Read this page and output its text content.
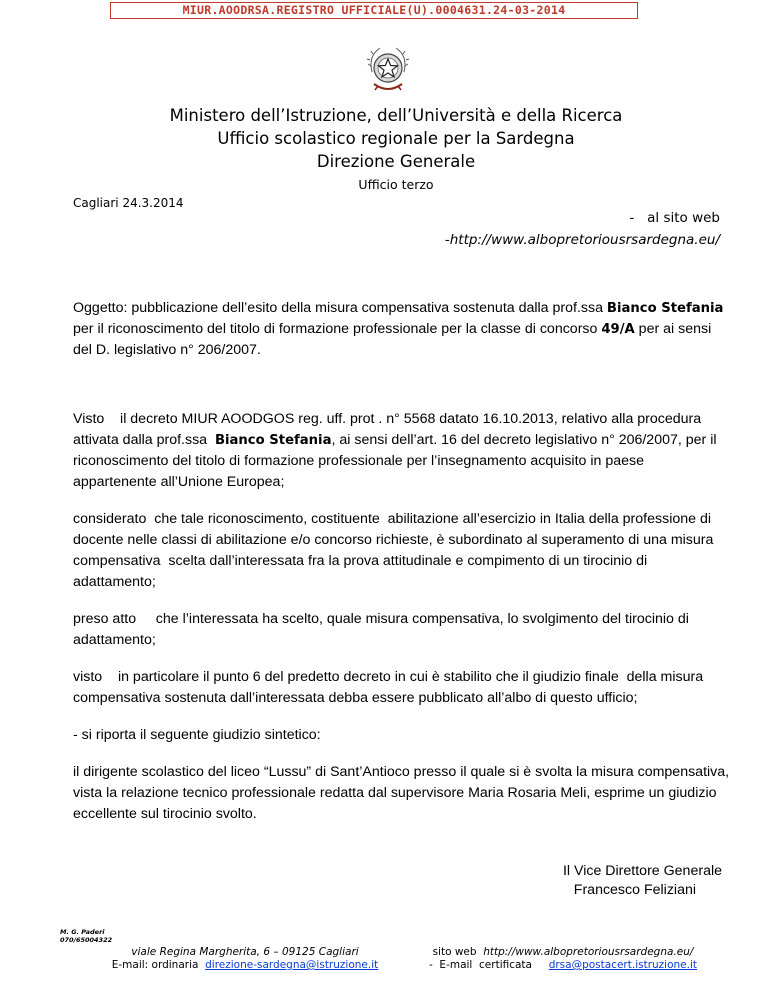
MIUR.AOODRSA.REGISTRO UFFICIALE(U).0004631.24-03-2014
Ministero dell’Istruzione, dell’Università e della Ricerca
Ufficio scolastico regionale per la Sardegna
Direzione Generale
Ufficio terzo
Cagliari 24.3.2014
-   al sito web
-http://www.albopretoriousrsardegna.eu/

Oggetto: pubblicazione dell’esito della misura compensativa sostenuta dalla prof.ssa Bianco Stefania per il riconoscimento del titolo di formazione professionale per la classe di concorso 49/A per ai sensi del D. legislativo n° 206/2007.

Visto    il decreto MIUR AOODGOS reg. uff. prot . n° 5568 datato 16.10.2013, relativo alla procedura attivata dalla prof.ssa  Bianco Stefania, ai sensi dell’art. 16 del decreto legislativo n° 206/2007, per il riconoscimento del titolo di formazione professionale per l’insegnamento acquisito in paese  appartenente all’Unione Europea;

considerato  che tale riconoscimento, costituente  abilitazione all’esercizio in Italia della professione di docente nelle classi di abilitazione e/o concorso richieste, è subordinato al superamento di una misura compensativa  scelta dall’interessata fra la prova attitudinale e compimento di un tirocinio di adattamento;

preso atto     che l’interessata ha scelto, quale misura compensativa, lo svolgimento del tirocinio di adattamento;

visto    in particolare il punto 6 del predetto decreto in cui è stabilito che il giudizio finale  della misura compensativa sostenuta dall’interessata debba essere pubblicato all’albo di questo ufficio;

- si riporta il seguente giudizio sintetico:

il dirigente scolastico del liceo “Lussu” di Sant’Antioco presso il quale si è svolta la misura compensativa, vista la relazione tecnico professionale redatta dal supervisore Maria Rosaria Meli, esprime un giudizio eccellente sul tirocinio svolto.

Il Vice Direttore Generale
Francesco Feliziani
M. G. Paderi
070/65004322
viale Regina Margherita, 6 – 09125 Cagliari
E-mail: ordinaria  direzione-sardegna@istruzione.it
sito web  http://www.albopretoriousrsardegna.eu/
-  E-mail  certificata     drsa@postacert.istruzione.it
